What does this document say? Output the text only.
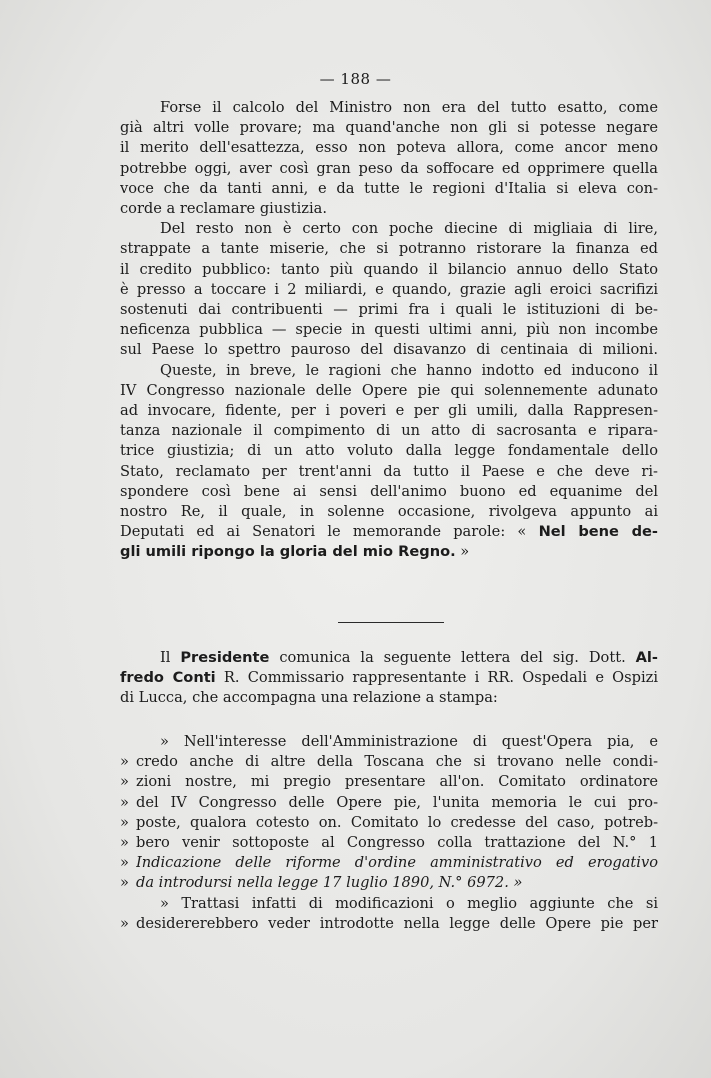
— 188 —
Forse il calcolo del Ministro non era del tutto esatto, come
già altri volle provare; ma quand'anche non gli si potesse negare
il merito dell'esattezza, esso non poteva allora, come ancor meno
potrebbe oggi, aver così gran peso da soffocare ed opprimere quella
voce che da tanti anni, e da tutte le regioni d'Italia si eleva con-
corde a reclamare giustizia.
Del resto non è certo con poche diecine di migliaia di lire,
strappate a tante miserie, che si potranno ristorare la finanza ed
il credito pubblico: tanto più quando il bilancio annuo dello Stato
è presso a toccare i 2 miliardi, e quando, grazie agli eroici sacrifizi
sostenuti dai contribuenti — primi fra i quali le istituzioni di be-
neficenza pubblica — specie in questi ultimi anni, più non incombe
sul Paese lo spettro pauroso del disavanzo di centinaia di milioni.
Queste, in breve, le ragioni che hanno indotto ed inducono il
IV Congresso nazionale delle Opere pie qui solennemente adunato
ad invocare, fidente, per i poveri e per gli umili, dalla Rappresen-
tanza nazionale il compimento di un atto di sacrosanta e ripara-
trice giustizia; di un atto voluto dalla legge fondamentale dello
Stato, reclamato per trent'anni da tutto il Paese e che deve ri-
spondere così bene ai sensi dell'animo buono ed equanime del
nostro Re, il quale, in solenne occasione, rivolgeva appunto ai
Deputati ed ai Senatori le memorande parole: « Nel bene de-
gli umili ripongo la gloria del mio Regno. »
Il Presidente comunica la seguente lettera del sig. Dott. Al-
fredo Conti R. Commissario rappresentante i RR. Ospedali e Ospizi
di Lucca, che accompagna una relazione a stampa:
» Nell'interesse dell'Amministrazione di quest'Opera pia, e
» credo anche di altre della Toscana che si trovano nelle condi-
» zioni nostre, mi pregio presentare all'on. Comitato ordinatore
» del IV Congresso delle Opere pie, l'unita memoria le cui pro-
» poste, qualora cotesto on. Comitato lo credesse del caso, potreb-
» bero venir sottoposte al Congresso colla trattazione del N.° 1
» Indicazione delle riforme d'ordine amministrativo ed erogativo
» da introdursi nella legge 17 luglio 1890, N.° 6972. »
» Trattasi infatti di modificazioni o meglio aggiunte che si
» desidererebbero veder introdotte nella legge delle Opere pie per
